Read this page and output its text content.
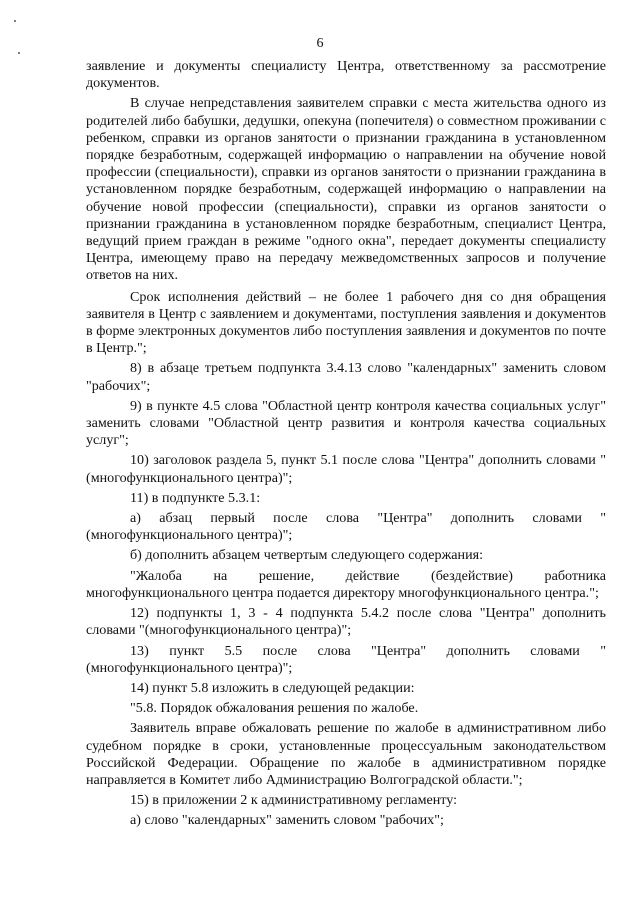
6

заявление и документы специалисту Центра, ответственному за рассмотрение документов.

В случае непредставления заявителем справки с места жительства одного из родителей либо бабушки, дедушки, опекуна (попечителя) о совместном проживании с ребенком, справки из органов занятости о признании гражданина в установленном порядке безработным, содержащей информацию о направлении на обучение новой профессии (специальности), справки из органов занятости о признании гражданина в установленном порядке безработным, содержащей информацию о направлении на обучение новой профессии (специальности), справки из органов занятости о признании гражданина в установленном порядке безработным, специалист Центра, ведущий прием граждан в режиме "одного окна", передает документы специалисту Центра, имеющему право на передачу межведомственных запросов и получение ответов на них.

Срок исполнения действий – не более 1 рабочего дня со дня обращения заявителя в Центр с заявлением и документами, поступления заявления и документов в форме электронных документов либо поступления заявления и документов по почте в Центр.";

8) в абзаце третьем подпункта 3.4.13 слово "календарных" заменить словом "рабочих";

9) в пункте 4.5 слова "Областной центр контроля качества социальных услуг" заменить словами "Областной центр развития и контроля качества социальных услуг";

10) заголовок раздела 5, пункт 5.1 после слова "Центра" дополнить словами "(многофункционального центра)";

11) в подпункте 5.3.1:

а) абзац первый после слова "Центра" дополнить словами "(многофункционального центра)";

б) дополнить абзацем четвертым следующего содержания:

"Жалоба на решение, действие (бездействие) работника многофункционального центра подается директору многофункционального центра.";

12) подпункты 1, 3 - 4 подпункта 5.4.2 после слова "Центра" дополнить словами "(многофункционального центра)";

13) пункт 5.5 после слова "Центра" дополнить словами "(многофункционального центра)";

14) пункт 5.8 изложить в следующей редакции:

"5.8. Порядок обжалования решения по жалобе.

Заявитель вправе обжаловать решение по жалобе в административном либо судебном порядке в сроки, установленные процессуальным законодательством Российской Федерации. Обращение по жалобе в административном порядке направляется в Комитет либо Администрацию Волгоградской области.";

15) в приложении 2 к административному регламенту:

а) слово "календарных" заменить словом "рабочих";
